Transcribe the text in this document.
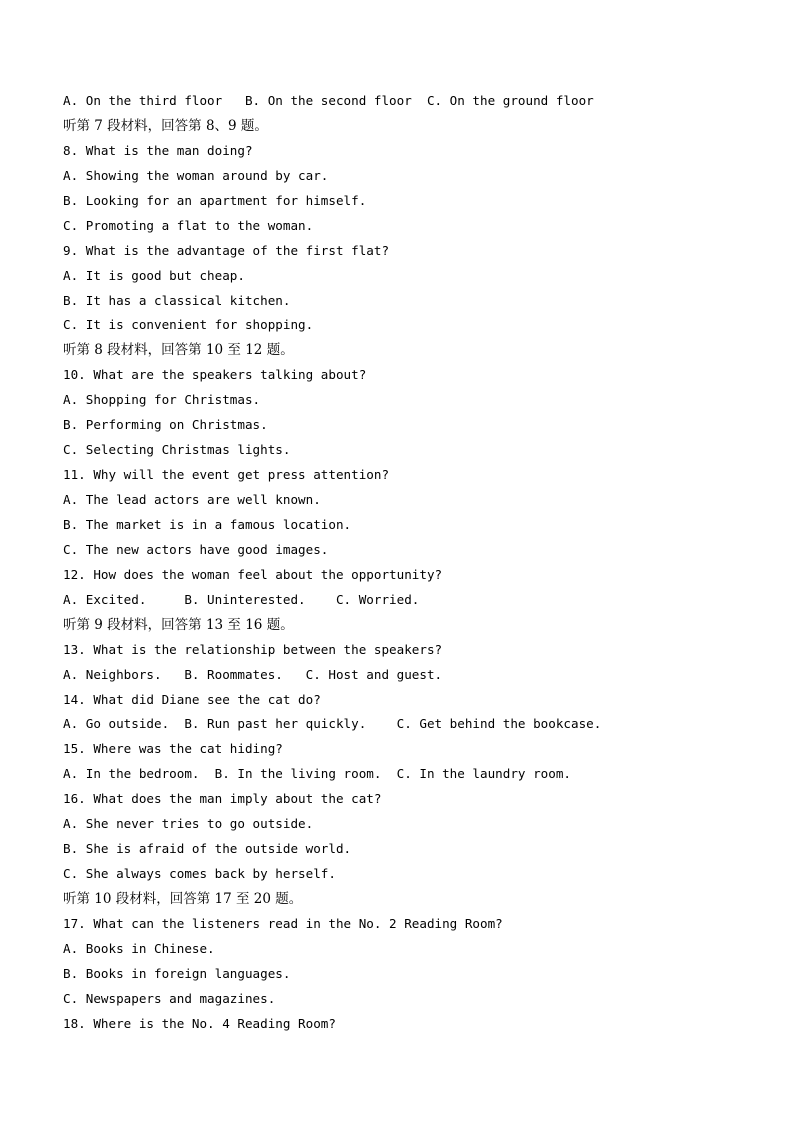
A. On the third floor   B. On the second floor  C. On the ground floor
听第 7 段材料，回答第 8、9 题。
8. What is the man doing?
A. Showing the woman around by car.
B. Looking for an apartment for himself.
C. Promoting a flat to the woman.
9. What is the advantage of the first flat?
A. It is good but cheap.
B. It has a classical kitchen.
C. It is convenient for shopping.
听第 8 段材料，回答第 10 至 12 题。
10. What are the speakers talking about?
A. Shopping for Christmas.
B. Performing on Christmas.
C. Selecting Christmas lights.
11. Why will the event get press attention?
A. The lead actors are well known.
B. The market is in a famous location.
C. The new actors have good images.
12. How does the woman feel about the opportunity?
A. Excited.     B. Uninterested.    C. Worried.
听第 9 段材料，回答第 13 至 16 题。
13. What is the relationship between the speakers?
A. Neighbors.   B. Roommates.   C. Host and guest.
14. What did Diane see the cat do?
A. Go outside.  B. Run past her quickly.    C. Get behind the bookcase.
15. Where was the cat hiding?
A. In the bedroom.  B. In the living room.  C. In the laundry room.
16. What does the man imply about the cat?
A. She never tries to go outside.
B. She is afraid of the outside world.
C. She always comes back by herself.
听第 10 段材料，回答第 17 至 20 题。
17. What can the listeners read in the No. 2 Reading Room?
A. Books in Chinese.
B. Books in foreign languages.
C. Newspapers and magazines.
18. Where is the No. 4 Reading Room?
